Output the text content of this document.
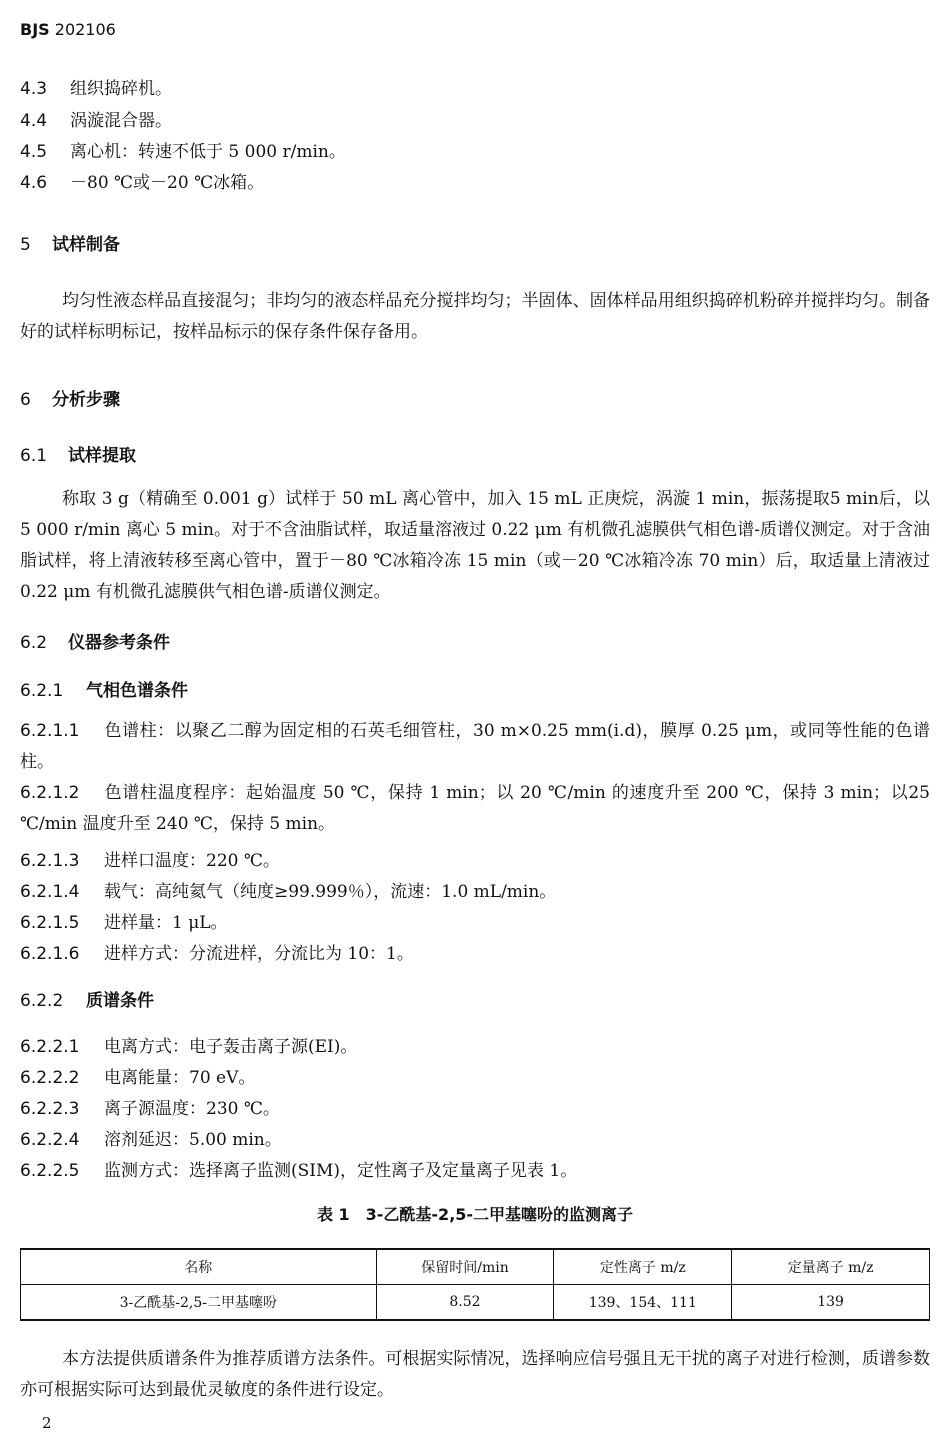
BJS 202106
4.3 组织捣碎机。
4.4 涡漩混合器。
4.5 离心机：转速不低于 5 000 r/min。
4.6 －80 ℃或－20 ℃冰箱。
5 试样制备
均匀性液态样品直接混匀；非均匀的液态样品充分搅拌均匀；半固体、固体样品用组织捣碎机粉碎并搅拌均匀。制备好的试样标明标记，按样品标示的保存条件保存备用。
6 分析步骤
6.1 试样提取
称取 3 g（精确至 0.001 g）试样于 50 mL 离心管中，加入 15 mL 正庚烷，涡漩 1 min，振荡提取5 min后，以 5 000 r/min 离心 5 min。对于不含油脂试样，取适量溶液过 0.22 μm 有机微孔滤膜供气相色谱-质谱仪测定。对于含油脂试样，将上清液转移至离心管中，置于－80 ℃冰箱冷冻 15 min（或－20 ℃冰箱冷冻 70 min）后，取适量上清液过 0.22 μm 有机微孔滤膜供气相色谱-质谱仪测定。
6.2 仪器参考条件
6.2.1 气相色谱条件
6.2.1.1 色谱柱：以聚乙二醇为固定相的石英毛细管柱，30 m×0.25 mm(i.d)，膜厚 0.25 μm，或同等性能的色谱柱。
6.2.1.2 色谱柱温度程序：起始温度 50 ℃，保持 1 min；以 20 ℃/min 的速度升至 200 ℃，保持 3 min；以25 ℃/min 温度升至 240 ℃，保持 5 min。
6.2.1.3 进样口温度：220 ℃。
6.2.1.4 载气：高纯氦气（纯度≥99.999％），流速：1.0 mL/min。
6.2.1.5 进样量：1 μL。
6.2.1.6 进样方式：分流进样，分流比为 10：1。
6.2.2 质谱条件
6.2.2.1 电离方式：电子轰击离子源(EI)。
6.2.2.2 电离能量：70 eV。
6.2.2.3 离子源温度：230 ℃。
6.2.2.4 溶剂延迟：5.00 min。
6.2.2.5 监测方式：选择离子监测(SIM)，定性离子及定量离子见表 1。
表 1　3-乙酰基-2,5-二甲基噻吩的监测离子
名称	保留时间/min	定性离子 m/z	定量离子 m/z
3-乙酰基-2,5-二甲基噻吩	8.52	139、154、111	139
本方法提供质谱条件为推荐质谱方法条件。可根据实际情况，选择响应信号强且无干扰的离子对进行检测，质谱参数亦可根据实际可达到最优灵敏度的条件进行设定。
2
